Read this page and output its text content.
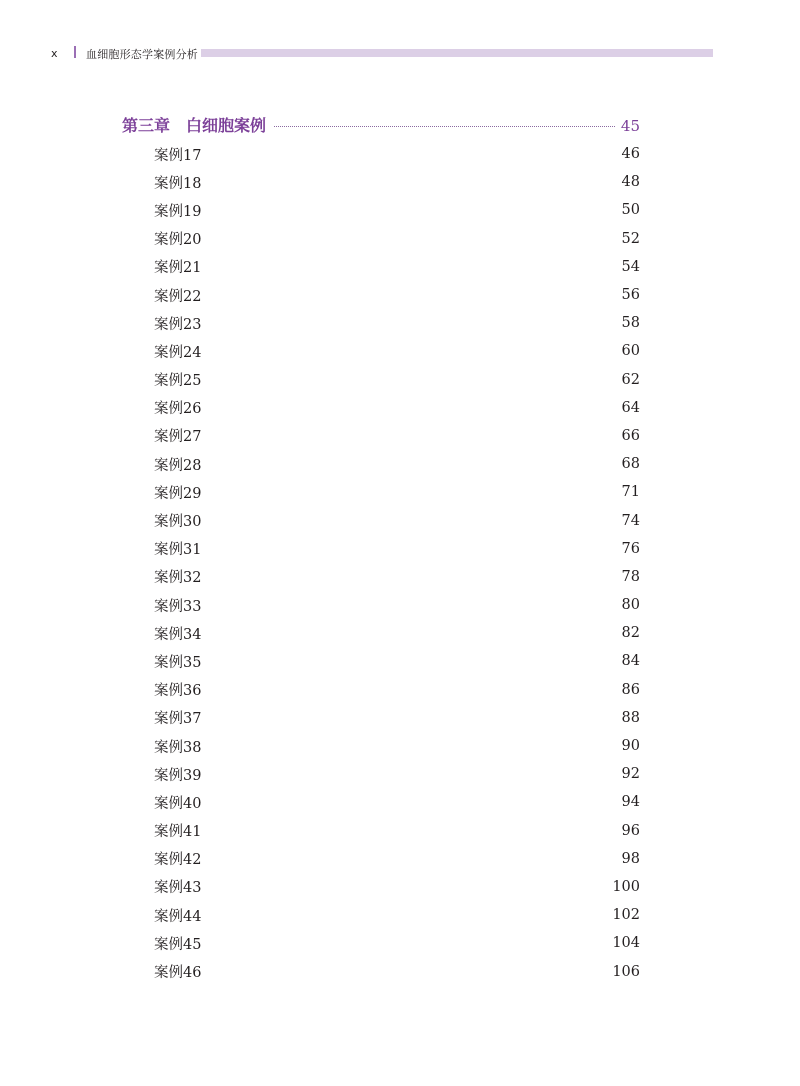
x	血细胞形态学案例分析
第三章　白细胞案例	45
案例17	46
案例18	48
案例19	50
案例20	52
案例21	54
案例22	56
案例23	58
案例24	60
案例25	62
案例26	64
案例27	66
案例28	68
案例29	71
案例30	74
案例31	76
案例32	78
案例33	80
案例34	82
案例35	84
案例36	86
案例37	88
案例38	90
案例39	92
案例40	94
案例41	96
案例42	98
案例43	100
案例44	102
案例45	104
案例46	106
